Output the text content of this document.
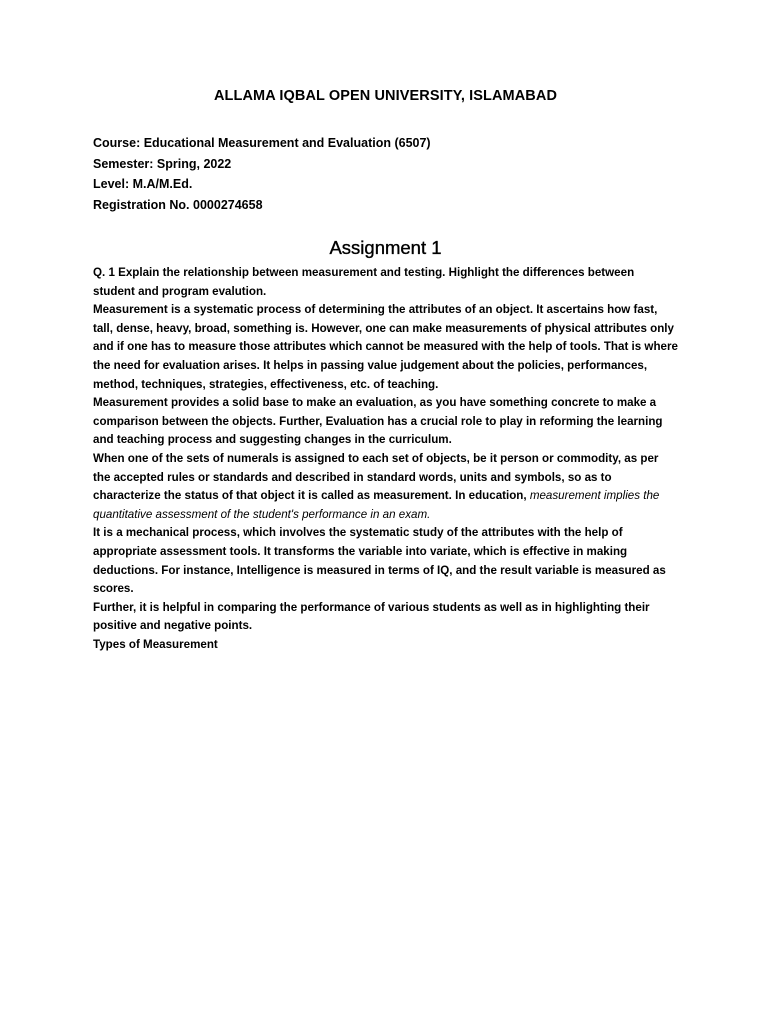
ALLAMA IQBAL OPEN UNIVERSITY, ISLAMABAD

Course: Educational Measurement and Evaluation (6507)

Semester: Spring, 2022

Level: M.A/M.Ed.

Registration No. 0000274658

Assignment 1

Q. 1 Explain the relationship between measurement and testing. Highlight the differences between student and program evalution.

Measurement is a systematic process of determining the attributes of an object. It ascertains how fast, tall, dense, heavy, broad, something is. However, one can make measurements of physical attributes only and if one has to measure those attributes which cannot be measured with the help of tools. That is where the need for evaluation arises. It helps in passing value judgement about the policies, performances, method, techniques, strategies, effectiveness, etc. of teaching.

Measurement provides a solid base to make an evaluation, as you have something concrete to make a comparison between the objects. Further, Evaluation has a crucial role to play in reforming the learning and teaching process and suggesting changes in the curriculum.

When one of the sets of numerals is assigned to each set of objects, be it person or commodity, as per the accepted rules or standards and described in standard words, units and symbols, so as to characterize the status of that object it is called as measurement. In education, measurement implies the quantitative assessment of the student's performance in an exam.

It is a mechanical process, which involves the systematic study of the attributes with the help of appropriate assessment tools. It transforms the variable into variate, which is effective in making deductions. For instance, Intelligence is measured in terms of IQ, and the result variable is measured as scores.

Further, it is helpful in comparing the performance of various students as well as in highlighting their positive and negative points.

Types of Measurement
